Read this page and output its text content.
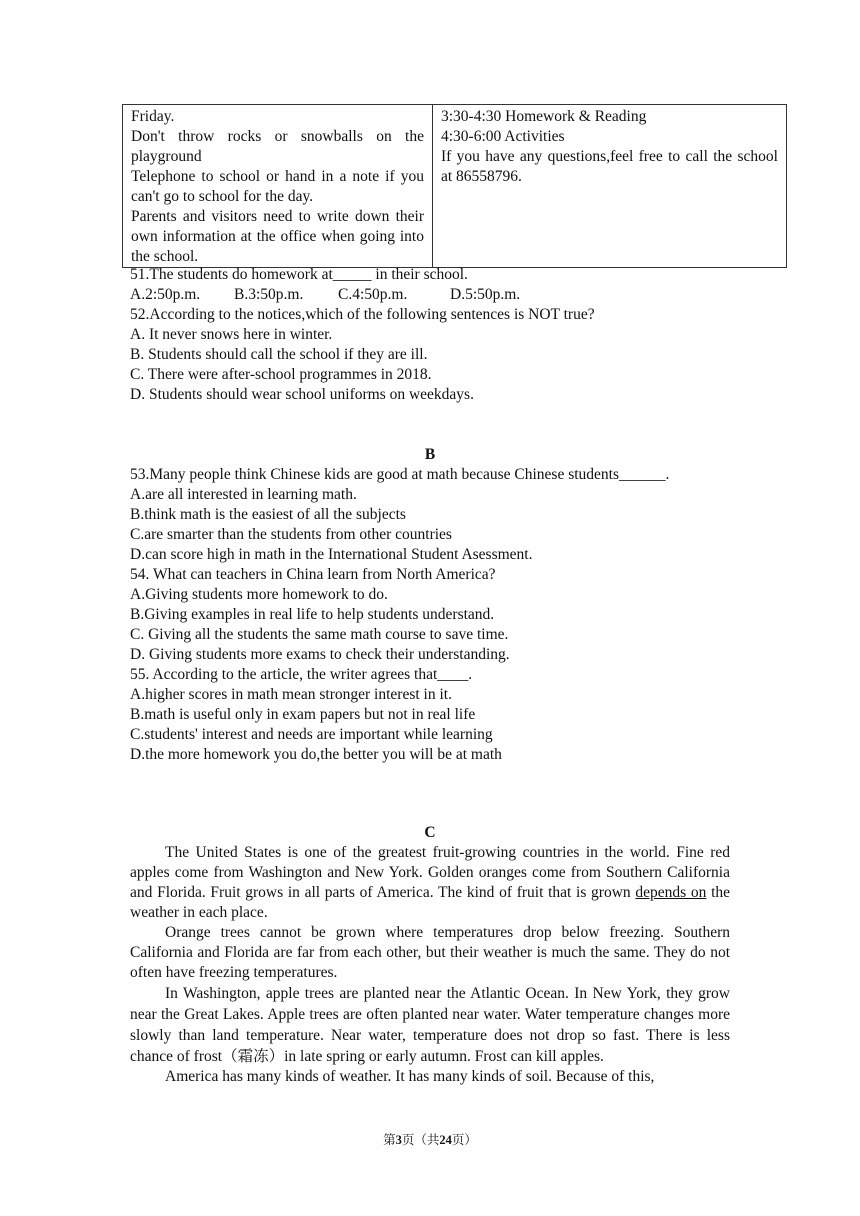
Friday.
Don't throw rocks or snowballs on the playground
Telephone to school or hand in a note if you can't go to school for the day.
Parents and visitors need to write down their own information at the office when going into the school.

3:30-4:30 Homework & Reading
4:30-6:00 Activities
If you have any questions,feel free to call the school at 86558796.
51.The students do homework at_____ in their school.
A.2:50p.m. B.3:50p.m. C.4:50p.m.	D.5:50p.m.
52.According to the notices,which of the following sentences is NOT true?
A. It never snows here in winter.
B. Students should call the school if they are ill.
C. There were after-school programmes in 2018.
D. Students should wear school uniforms on weekdays.
B
53.Many people think Chinese kids are good at math because Chinese students______.
A.are all interested in learning math.
B.think math is the easiest of all the subjects
C.are smarter than the students from other countries
D.can score high in math in the International Student Asessment.
54. What can teachers in China learn from North America?
A.Giving students more homework to do.
B.Giving examples in real life to help students understand.
C. Giving all the students the same math course to save time.
D. Giving students more exams to check their understanding.
55. According to the article, the writer agrees that____.
A.higher scores in math mean stronger interest in it.
B.math is useful only in exam papers but not in real life
C.students' interest and needs are important while learning
D.the more homework you do,the better you will be at math
C

The United States is one of the greatest fruit-growing countries in the world. Fine red apples come from Washington and New York. Golden oranges come from Southern California and Florida. Fruit grows in all parts of America. The kind of fruit that is grown depends on the weather in each place.

Orange trees cannot be grown where temperatures drop below freezing. Southern California and Florida are far from each other, but their weather is much the same. They do not often have freezing temperatures.

In Washington, apple trees are planted near the Atlantic Ocean. In New York, they grow near the Great Lakes. Apple trees are often planted near water. Water temperature changes more slowly than land temperature. Near water, temperature does not drop so fast. There is less chance of frost（霜冻）in late spring or early autumn. Frost can kill apples.

America has many kinds of weather. It has many kinds of soil. Because of this,

第3页（共24页）
